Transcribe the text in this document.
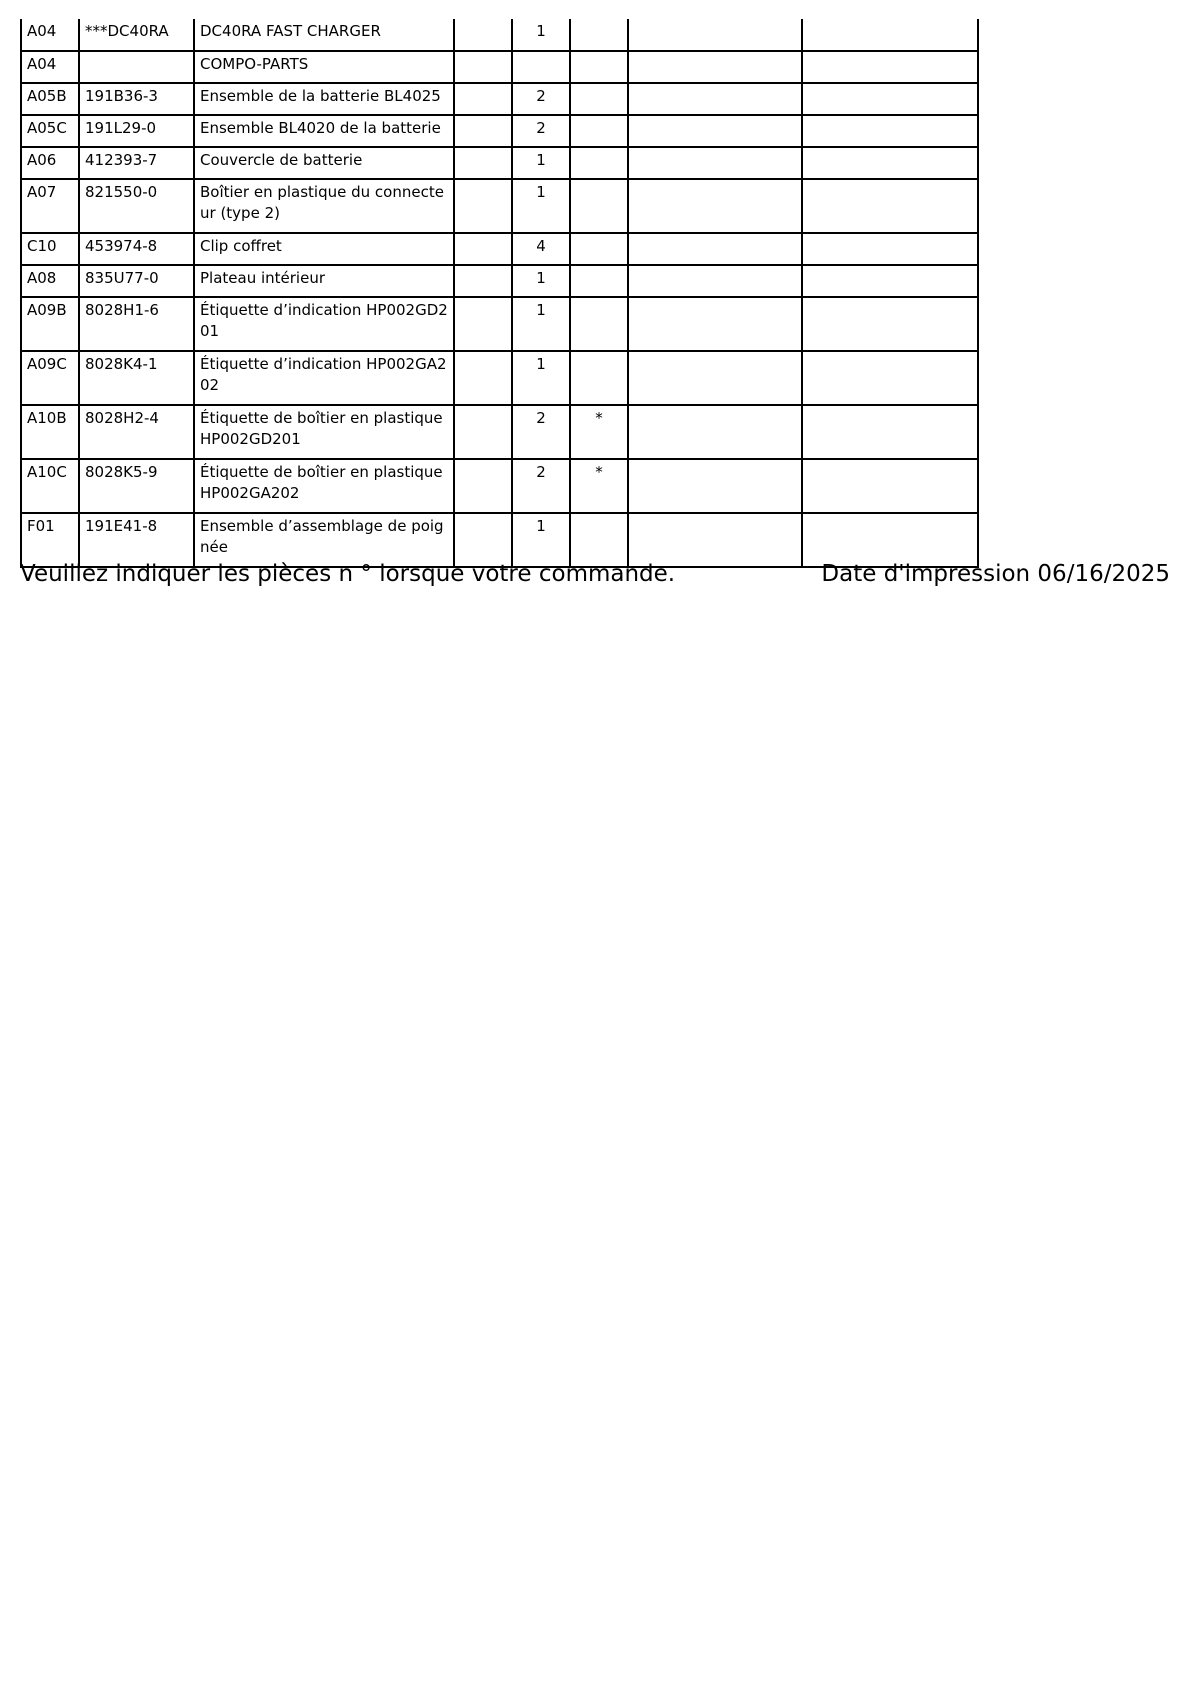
A04	***DC40RA	DC40RA FAST CHARGER		1			
A04		COMPO-PARTS					
A05B	191B36-3	Ensemble de la batterie BL4025		2			
A05C	191L29-0	Ensemble BL4020 de la batterie		2			
A06	412393-7	Couvercle de batterie		1			
A07	821550-0	Boîtier en plastique du connecte ur (type 2)		1			
C10	453974-8	Clip coffret		4			
A08	835U77-0	Plateau intérieur		1			
A09B	8028H1-6	Étiquette d’indication HP002GD2 01		1			
A09C	8028K4-1	Étiquette d’indication HP002GA2 02		1			
A10B	8028H2-4	Étiquette de boîtier en plastique HP002GD201		2	*		
A10C	8028K5-9	Étiquette de boîtier en plastique HP002GA202		2	*		
F01	191E41-8	Ensemble d’assemblage de poig née		1			
Veuillez indiquer les pièces n ° lorsque votre commande.	Date d'impression 06/16/2025
